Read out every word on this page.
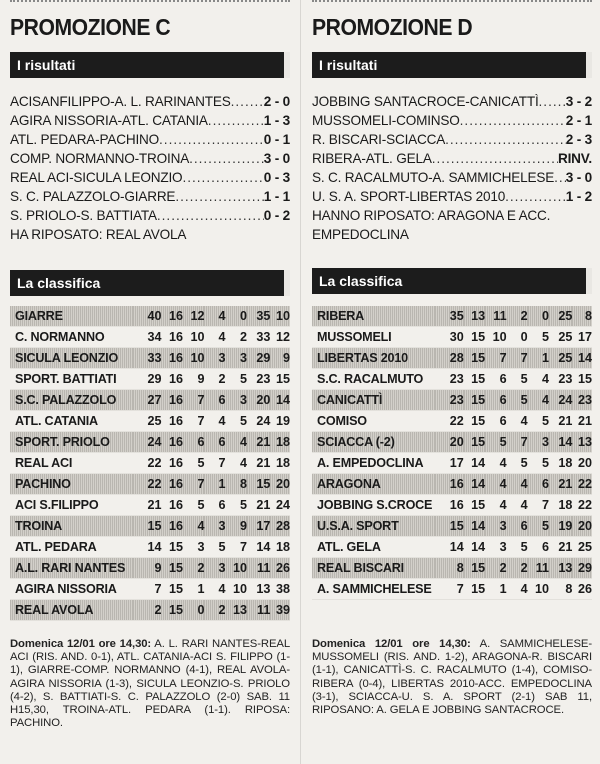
PROMOZIONE C
I risultati
ACISANFILIPPO-A. L. RARINANTES ..... 2 - 0
AGIRA NISSORIA-ATL. CATANIA .....	1 - 3
ATL. PEDARA-PACHINO .....	0 - 1
COMP. NORMANNO-TROINA .....	3 - 0
REAL ACI-SICULA LEONZIO .....	0 - 3
S. C. PALAZZOLO-GIARRE .....	1 - 1
S. PRIOLO-S. BATTIATA .....	0 - 2
HA RIPOSATO: REAL AVOLA
La classifica
GIARRE	40	16	12	4	0	35	10
C. NORMANNO	34	16	10	4	2	33	12
SICULA LEONZIO	33	16	10	3	3	29	9
SPORT. BATTIATI	29	16	9	2	5	23	15
S.C. PALAZZOLO	27	16	7	6	3	20	14
ATL. CATANIA	25	16	7	4	5	24	19
SPORT. PRIOLO	24	16	6	6	4	21	18
REAL ACI	22	16	5	7	4	21	18
PACHINO	22	16	7	1	8	15	20
ACI S.FILIPPO	21	16	5	6	5	21	24
TROINA	15	16	4	3	9	17	28
ATL. PEDARA	14	15	3	5	7	14	18
A.L. RARI NANTES	9	15	2	3	10	11	26
AGIRA NISSORIA	7	15	1	4	10	13	38
REAL AVOLA	2	15	0	2	13	11	39
Domenica 12/01 ore 14,30: A. L. RARI NANTES-REAL ACI (RIS. AND. 0-1), ATL. CATANIA-ACI S. FILIPPO (1-1), GIARRE-COMP. NORMANNO (4-1), REAL AVOLA-AGIRA NISSORIA (1-3), SICULA LEONZIO-S. PRIOLO (4-2), S. BATTIATI-S. C. PALAZZOLO (2-0) SAB. 11 H15,30, TROINA-ATL. PEDARA (1-1). RIPOSA: PACHINO.
PROMOZIONE D
I risultati
JOBBING SANTACROCE-CANICATTÌ ..... 3 - 2
MUSSOMELI-COMINSO .....	2 - 1
R. BISCARI-SCIACCA .....	2 - 3
RIBERA-ATL. GELA .....	RINV.
S. C. RACALMUTO-A. SAMMICHELESE ..... 3 - 0
U. S. A. SPORT-LIBERTAS 2010 .....	1 - 2
HANNO RIPOSATO: ARAGONA E ACC. EMPEDOCLINA
La classifica
RIBERA	35	13	11	2	0	25	8
MUSSOMELI	30	15	10	0	5	25	17
LIBERTAS 2010	28	15	7	7	1	25	14
S.C. RACALMUTO	23	15	6	5	4	23	15
CANICATTÌ	23	15	6	5	4	24	23
COMISO	22	15	6	4	5	21	21
SCIACCA (-2)	20	15	5	7	3	14	13
A. EMPEDOCLINA	17	14	4	5	5	18	20
ARAGONA	16	14	4	4	6	21	22
JOBBING S.CROCE	16	15	4	4	7	18	22
U.S.A. SPORT	15	14	3	6	5	19	20
ATL. GELA	14	14	3	5	6	21	25
REAL BISCARI	8	15	2	2	11	13	29
A. SAMMICHELESE	7	15	1	4	10	8	26
Domenica 12/01 ore 14,30: A. SAMMICHELESE-MUSSOMELI (RIS. AND. 1-2), ARAGONA-R. BISCARI (1-1), CANICATTÌ-S. C. RACALMUTO (1-4), COMISO-RIBERA (0-4), LIBERTAS 2010-ACC. EMPEDOCLINA (3-1), SCIACCA-U. S. A. SPORT (2-1) SAB 11, RIPOSANO: A. GELA E JOBBING SANTACROCE.
